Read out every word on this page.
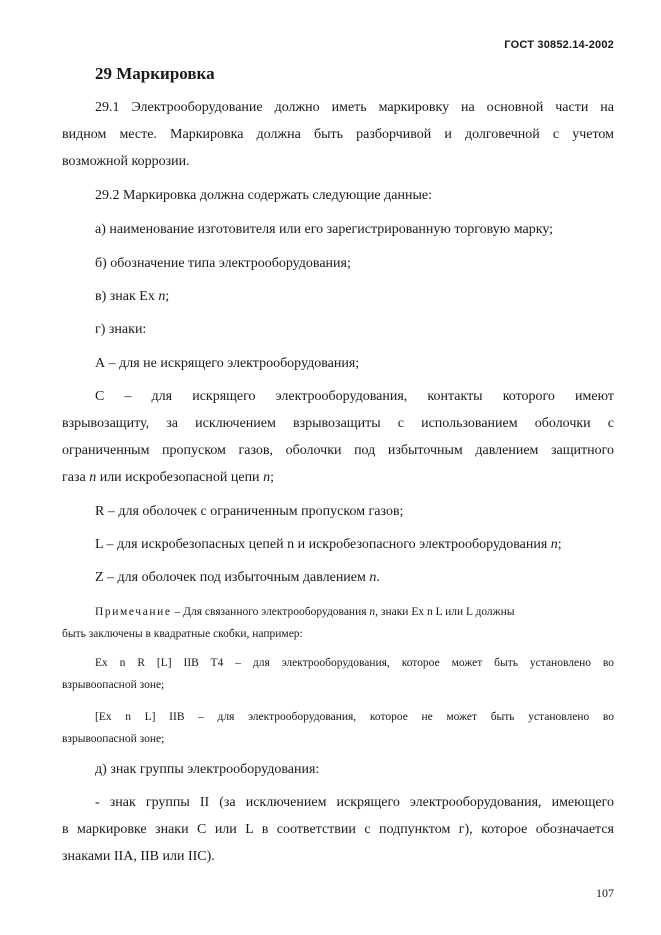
ГОСТ 30852.14-2002
29 Маркировка
29.1 Электрооборудование должно иметь маркировку на основной части на
видном месте. Маркировка должна быть разборчивой и долговечной с учетом
возможной коррозии.
29.2 Маркировка должна содержать следующие данные:
а) наименование изготовителя или его зарегистрированную торговую марку;
б) обозначение типа электрооборудования;
в) знак Ex n;
г) знаки:
А – для не искрящего электрооборудования;
С – для искрящего электрооборудования, контакты которого имеют
взрывозащиту, за исключением взрывозащиты с использованием оболочки с
ограниченным пропуском газов, оболочки под избыточным давлением защитного
газа n или искробезопасной цепи n;
R – для оболочек с ограниченным пропуском газов;
L – для искробезопасных цепей n и искробезопасного электрооборудования n;
Z – для оболочек под избыточным давлением n.
Примечание – Для связанного электрооборудования n, знаки Ex n L или L должны
быть заключены в квадратные скобки, например:
Ex n R [L] IIB T4 – для электрооборудования, которое может быть установлено во
взрывоопасной зоне;
[Ex n L] IIB – для электрооборудования, которое не может быть установлено во
взрывоопасной зоне;
д) знак группы электрооборудования:
- знак группы II (за исключением искрящего электрооборудования, имеющего
в маркировке знаки С или L в соответствии с подпунктом г), которое обозначается
знаками IIA, IIB или IIC).
107
